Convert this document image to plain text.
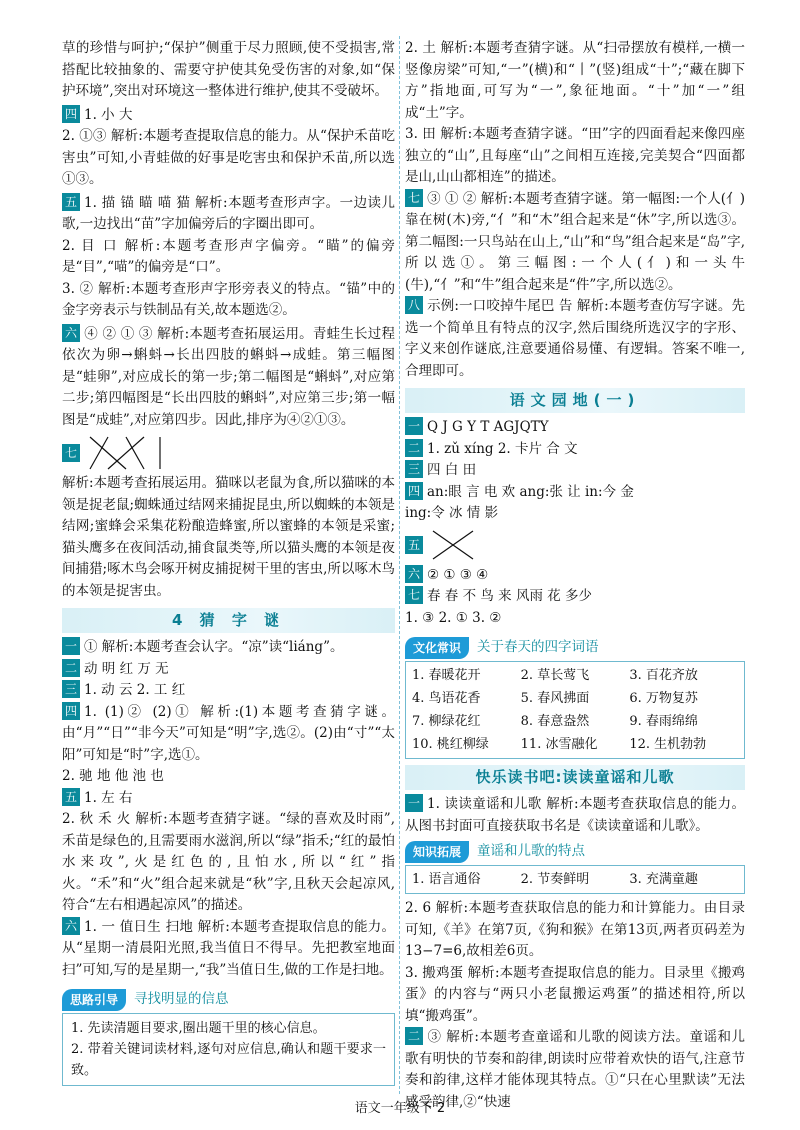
草的珍惜与呵护;“保护”侧重于尽力照顾,使不受损害,常搭配比较抽象的、需要守护使其免受伤害的对象,如“保护环境”,突出对环境这一整体进行维护,使其不受破坏。

四 1. 小 大

2. ①③ 解析:本题考查提取信息的能力。从“保护禾苗吃害虫”可知,小青蛙做的好事是吃害虫和保护禾苗,所以选①③。

五 1. 描 锚 瞄 喵 猫 解析:本题考查形声字。一边读儿歌,一边找出“苗”字加偏旁后的字圈出即可。

2. 目 口 解析:本题考查形声字偏旁。“瞄”的偏旁是“目”,“喵”的偏旁是“口”。

3. ② 解析:本题考查形声字形旁表义的特点。“锚”中的金字旁表示与铁制品有关,故本题选②。

六 ④ ② ① ③ 解析:本题考查拓展运用。青蛙生长过程依次为卵→蝌蚪→长出四肢的蝌蚪→成蛙。第三幅图是“蛙卵”,对应成长的第一步;第二幅图是“蝌蚪”,对应第二步;第四幅图是“长出四肢的蝌蚪”,对应第三步;第一幅图是“成蛙”,对应第四步。因此,排序为④②①③。

七

解析:本题考查拓展运用。猫咪以老鼠为食,所以猫咪的本领是捉老鼠;蜘蛛通过结网来捕捉昆虫,所以蜘蛛的本领是结网;蜜蜂会采集花粉酿造蜂蜜,所以蜜蜂的本领是采蜜;猫头鹰多在夜间活动,捕食鼠类等,所以猫头鹰的本领是夜间捕猎;啄木鸟会啄开树皮捕捉树干里的害虫,所以啄木鸟的本领是捉害虫。

4 猜 字 谜

一 ① 解析:本题考查会认字。“凉”读“liáng”。

二 动 明 红 万 无

三 1. 动 云 2. 工 红

四 1. (1)② (2)① 解析:(1)本题考查猜字谜。由“月”“日”“非今天”可知是“明”字,选②。(2)由“寸”“太阳”可知是“时”字,选①。

2. 驰 地 他 池 也

五 1. 左 右

2. 秋 禾 火 解析:本题考查猜字谜。“绿的喜欢及时雨”,禾苗是绿色的,且需要雨水滋润,所以“绿”指禾;“红的最怕水来攻”,火是红色的,且怕水,所以“红”指火。“禾”和“火”组合起来就是“秋”字,且秋天会起凉风,符合“左右相遇起凉风”的描述。

六 1. 一 值日生 扫地 解析:本题考查提取信息的能力。从“星期一清晨阳光照,我当值日不得早。先把教室地面扫”可知,写的是星期一,“我”当值日生,做的工作是扫地。

思路引导	寻找明显的信息

1. 先读清题目要求,圈出题干里的核心信息。

2. 带着关键词读材料,逐句对应信息,确认和题干要求一致。

2. 土 解析:本题考查猜字谜。从“扫帚摆放有模样,一横一竖像房梁”可知,“一”(横)和“丨”(竖)组成“十”;“藏在脚下方”指地面,可写为“一”,象征地面。“十”加“一”组成“土”字。

3. 田 解析:本题考查猜字谜。“田”字的四面看起来像四座独立的“山”,且每座“山”之间相互连接,完美契合“四面都是山,山山都相连”的描述。

七 ③ ① ② 解析:本题考查猜字谜。第一幅图:一个人(亻)靠在树(木)旁,“亻”和“木”组合起来是“休”字,所以选③。第二幅图:一只鸟站在山上,“山”和“鸟”组合起来是“岛”字,所以选①。第三幅图:一个人(亻)和一头牛(牛),“亻”和“牛”组合起来是“件”字,所以选②。

八 示例:一口咬掉牛尾巴 告 解析:本题考查仿写字谜。先选一个简单且有特点的汉字,然后围绕所选汉字的字形、字义来创作谜底,注意要通俗易懂、有逻辑。答案不唯一,合理即可。

语文园地(一)

一 Q J G Y T AGJQTY

二 1. zǔ xíng 2. 卡片 合 文

三 四 白 田

四 an:眼 言 电 欢 ang:张 让 in:今 金

ing:令 冰 情 影

五

六 ② ① ③ ④

七 春 春 不 鸟 来 风雨 花 多少

1. ③ 2. ① 3. ②

文化常识	关于春天的四字词语
1. 春暖花开	2. 草长莺飞	3. 百花齐放
4. 鸟语花香	5. 春风拂面	6. 万物复苏
7. 柳绿花红	8. 春意盎然	9. 春雨绵绵
10. 桃红柳绿	11. 冰雪融化	12. 生机勃勃
快乐读书吧:读读童谣和儿歌

一 1. 读读童谣和儿歌 解析:本题考查获取信息的能力。从图书封面可直接获取书名是《读读童谣和儿歌》。

知识拓展	童谣和儿歌的特点
1. 语言通俗	2. 节奏鲜明	3. 充满童趣

2. 6 解析:本题考查获取信息的能力和计算能力。由目录可知,《羊》在第7页,《狗和猴》在第13页,两者页码差为13−7=6,故相差6页。

3. 搬鸡蛋 解析:本题考查提取信息的能力。目录里《搬鸡蛋》的内容与“两只小老鼠搬运鸡蛋”的描述相符,所以填“搬鸡蛋”。

二 ③ 解析:本题考查童谣和儿歌的阅读方法。童谣和儿歌有明快的节奏和韵律,朗读时应带着欢快的语气,注意节奏和韵律,这样才能体现其特点。①“只在心里默读”无法感受韵律,②“快速

语文一年级下 2
